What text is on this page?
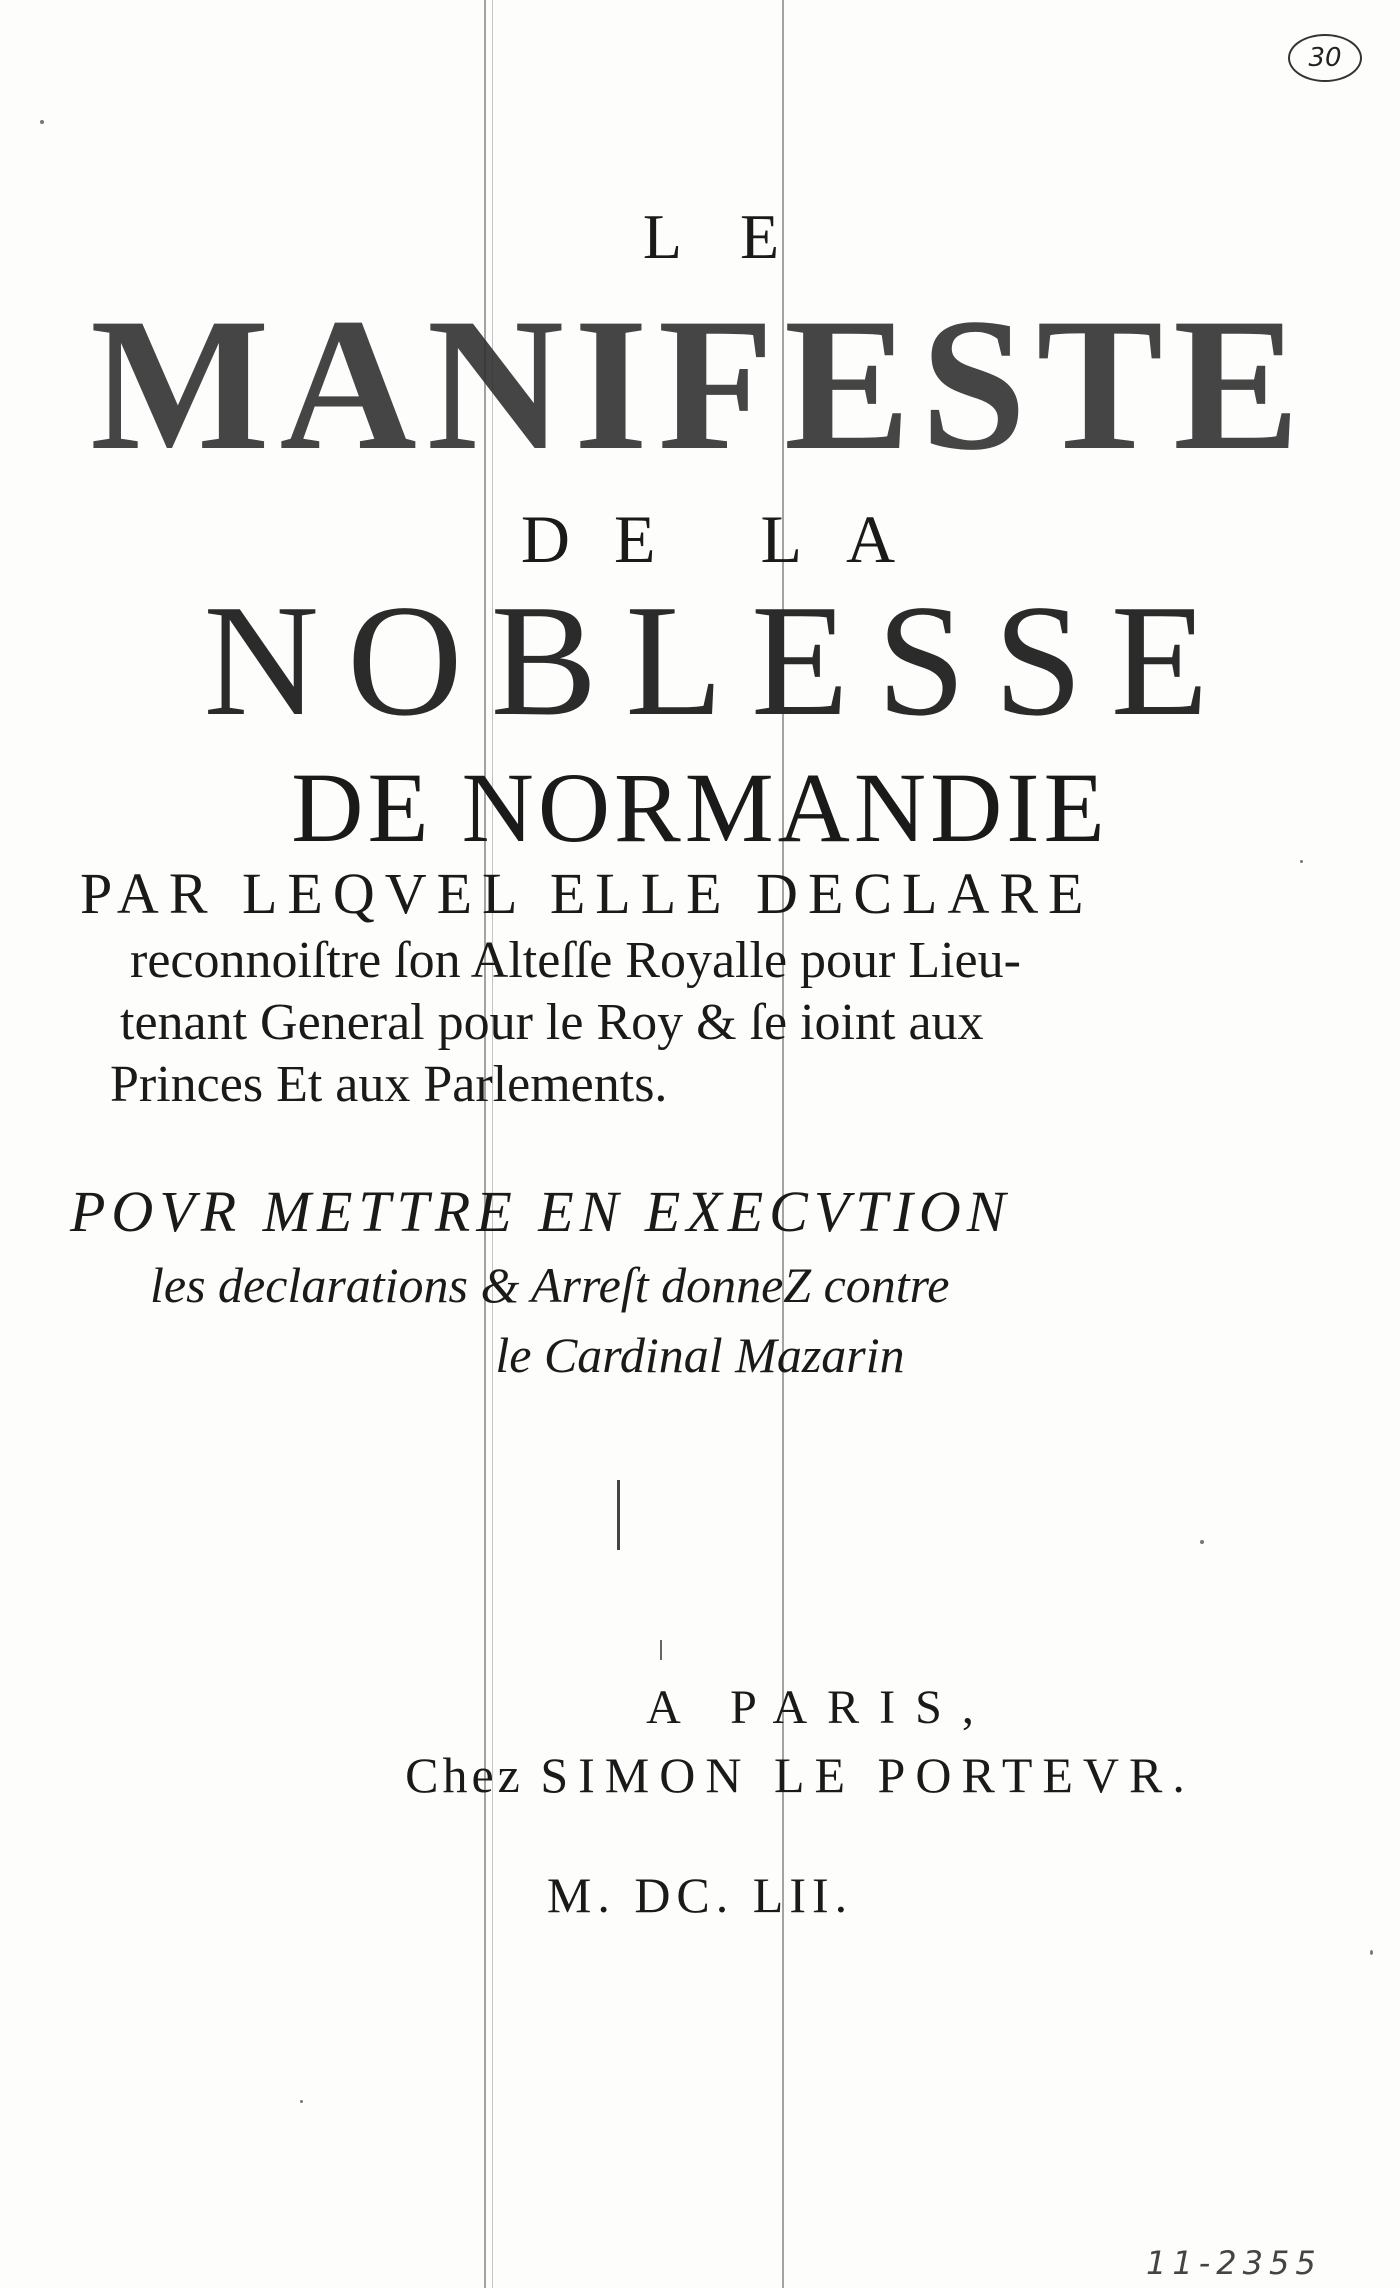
30
LE
MANIFESTE
DE LA
NOBLESSE
DE NORMANDIE
PAR LEQVEL ELLE DECLARE
reconnoiſtre ſon Alteſſe Royalle pour Lieu-
tenant General pour le Roy & ſe ioint aux
Princes Et aux Parlements.
POVR METTRE EN EXECVTION
les declarations & Arreſt donneZ contre
le Cardinal Mazarin
A PARIS,
Chez SIMON LE PORTEVR.
M. DC. LII.
11-2355
